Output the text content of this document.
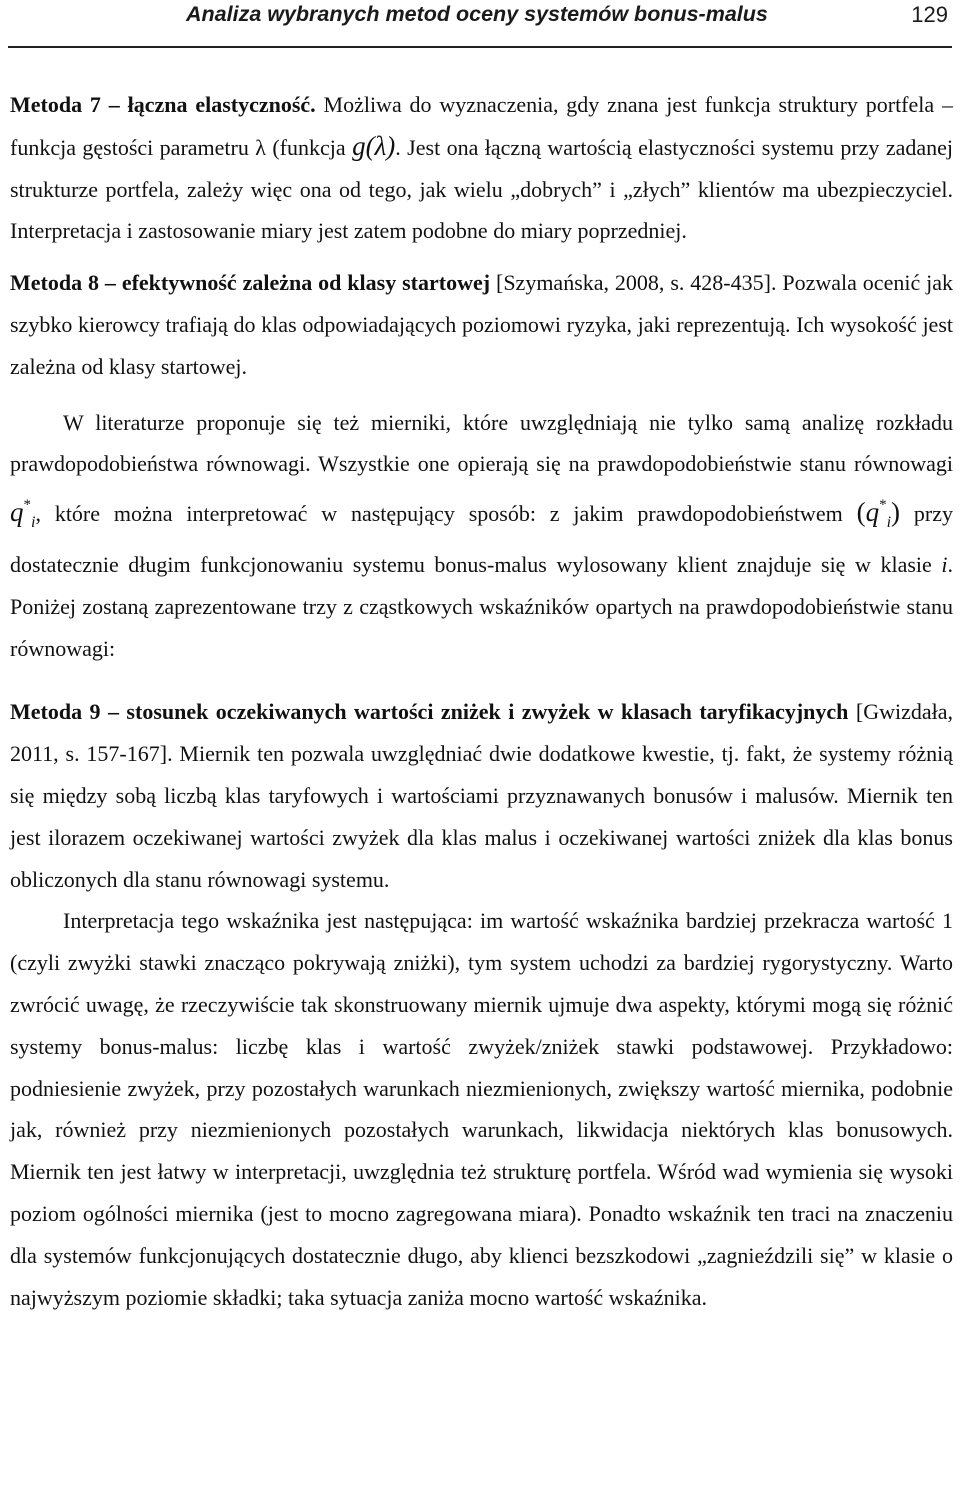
Analiza wybranych metod oceny systemów bonus-malus	129

Metoda 7 – łączna elastyczność. Możliwa do wyznaczenia, gdy znana jest funkcja struktury portfela – funkcja gęstości parametru λ (funkcja g(λ). Jest ona łączną wartością elastyczności systemu przy zadanej strukturze portfela, zależy więc ona od tego, jak wielu „dobrych” i „złych” klientów ma ubezpieczyciel. Interpretacja i zastosowanie miary jest zatem podobne do miary poprzedniej.

Metoda 8 – efektywność zależna od klasy startowej [Szymańska, 2008, s. 428-435]. Pozwala ocenić jak szybko kierowcy trafiają do klas odpowiadających poziomowi ryzyka, jaki reprezentują. Ich wysokość jest zależna od klasy startowej.

W literaturze proponuje się też mierniki, które uwzględniają nie tylko samą analizę rozkładu prawdopodobieństwa równowagi. Wszystkie one opierają się na prawdopodobieństwie stanu równowagi $q^*_i$, które można interpretować w następujący sposób: z jakim prawdopodobieństwem $(q^*_i)$ przy dostatecznie długim funkcjonowaniu systemu bonus-malus wylosowany klient znajduje się w klasie i. Poniżej zostaną zaprezentowane trzy z cząstkowych wskaźników opartych na prawdopodobieństwie stanu równowagi:

Metoda 9 – stosunek oczekiwanych wartości zniżek i zwyżek w klasach taryfikacyjnych [Gwizdała, 2011, s. 157-167]. Miernik ten pozwala uwzględniać dwie dodatkowe kwestie, tj. fakt, że systemy różnią się między sobą liczbą klas taryfowych i wartościami przyznawanych bonusów i malusów. Miernik ten jest ilorazem oczekiwanej wartości zwyżek dla klas malus i oczekiwanej wartości zniżek dla klas bonus obliczonych dla stanu równowagi systemu.

Interpretacja tego wskaźnika jest następująca: im wartość wskaźnika bardziej przekracza wartość 1 (czyli zwyżki stawki znacząco pokrywają zniżki), tym system uchodzi za bardziej rygorystyczny. Warto zwrócić uwagę, że rzeczywiście tak skonstruowany miernik ujmuje dwa aspekty, którymi mogą się różnić systemy bonus-malus: liczbę klas i wartość zwyżek/zniżek stawki podstawowej. Przykładowo: podniesienie zwyżek, przy pozostałych warunkach niezmienionych, zwiększy wartość miernika, podobnie jak, również przy niezmienionych pozostałych warunkach, likwidacja niektórych klas bonusowych. Miernik ten jest łatwy w interpretacji, uwzględnia też strukturę portfela. Wśród wad wymienia się wysoki poziom ogólności miernika (jest to mocno zagregowana miara). Ponadto wskaźnik ten traci na znaczeniu dla systemów funkcjonujących dostatecznie długo, aby klienci bezszkodowi „zagnieździli się” w klasie o najwyższym poziomie składki; taka sytuacja zaniża mocno wartość wskaźnika.
